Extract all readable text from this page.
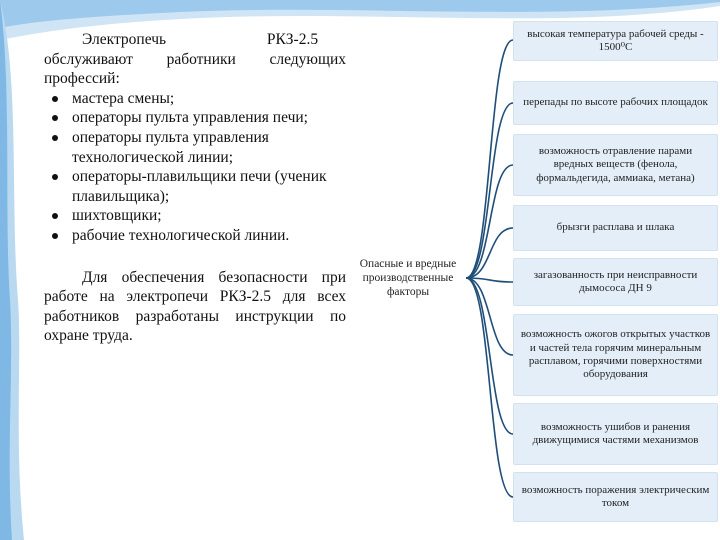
Электропечь                          РКЗ-2.5

обслуживают работники следующих профессий:

мастера смены;
операторы пульта управления печи;
операторы пульта управления технологической линии;
операторы-плавильщики печи (ученик плавильщика);
шихтовщики;
рабочие технологической линии.

Для обеспечения безопасности при работе на электропечи РКЗ-2.5 для всех работников разработаны инструкции по охране труда.

Опасные и вредные производственные факторы
высокая температура рабочей среды - 1500⁰С
перепады по высоте рабочих площадок
возможность отравление парами вредных веществ (фенола, формальдегида, аммиака, метана)
брызги расплава и шлака
загазованность при неисправности дымососа ДН 9
возможность ожогов открытых участков и частей тела горячим минеральным расплавом, горячими поверхностями оборудования
возможность ушибов и ранения движущимися частями механизмов
возможность поражения электрическим током
